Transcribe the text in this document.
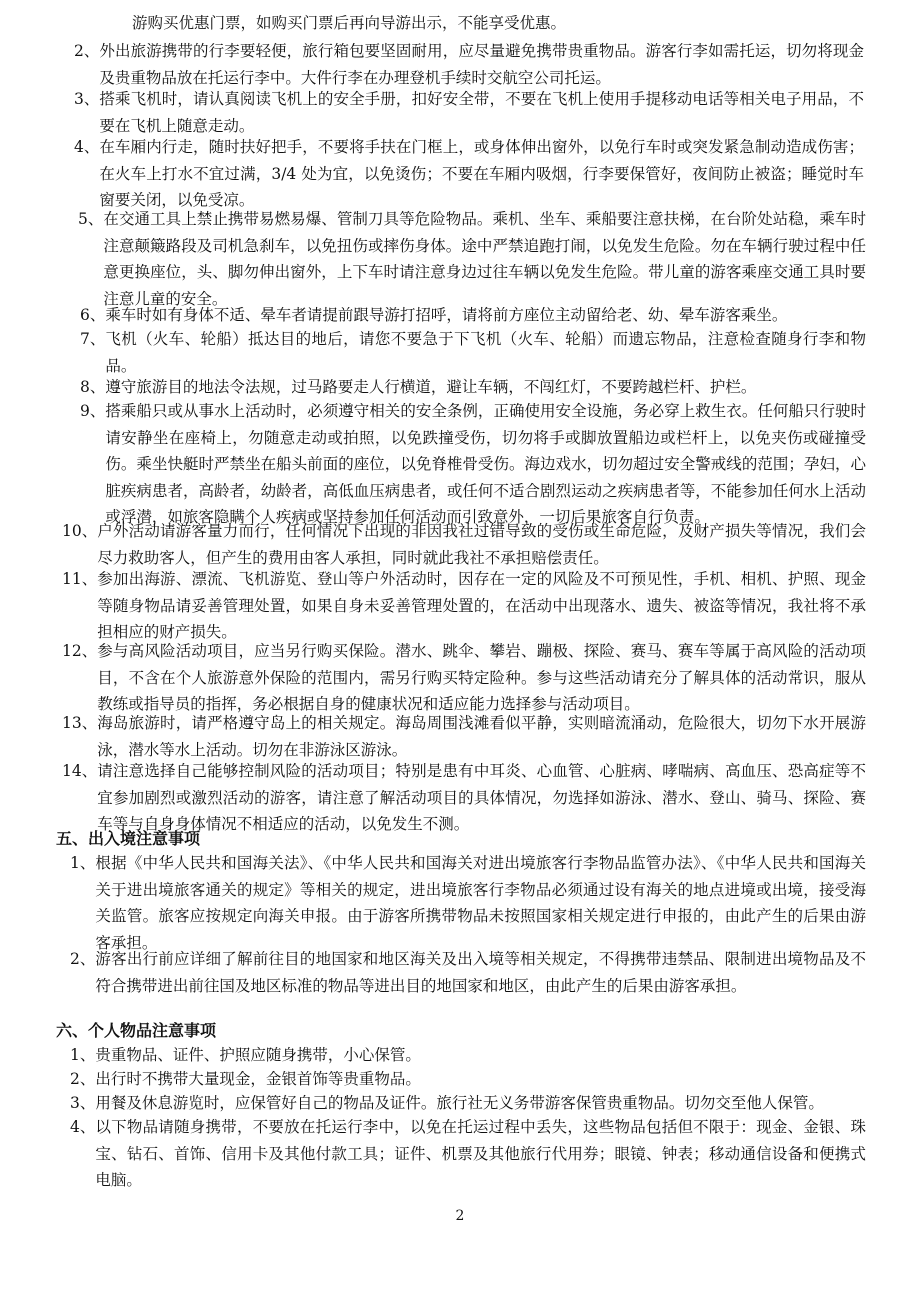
游购买优惠门票，如购买门票后再向导游出示，不能享受优惠。
2、 外出旅游携带的行李要轻便，旅行箱包要坚固耐用，应尽量避免携带贵重物品。游客行李如需托运，切勿将现金及贵重物品放在托运行李中。大件行李在办理登机手续时交航空公司托运。
3、 搭乘飞机时，请认真阅读飞机上的安全手册，扣好安全带，不要在飞机上使用手提移动电话等相关电子用品，不要在飞机上随意走动。
4、 在车厢内行走，随时扶好把手，不要将手扶在门框上，或身体伸出窗外，以免行车时或突发紧急制动造成伤害；在火车上打水不宜过满，3/4 处为宜，以免烫伤；不要在车厢内吸烟，行李要保管好，夜间防止被盗；睡觉时车窗要关闭，以免受凉。
5、 在交通工具上禁止携带易燃易爆、管制刀具等危险物品。乘机、坐车、乘船要注意扶梯，在台阶处站稳，乘车时注意颠簸路段及司机急刹车，以免扭伤或摔伤身体。途中严禁追跑打闹，以免发生危险。勿在车辆行驶过程中任意更换座位，头、脚勿伸出窗外，上下车时请注意身边过往车辆以免发生危险。带儿童的游客乘座交通工具时要注意儿童的安全。
6、 乘车时如有身体不适、晕车者请提前跟导游打招呼，请将前方座位主动留给老、幼、晕车游客乘坐。
7、 飞机（火车、轮船）抵达目的地后，请您不要急于下飞机（火车、轮船）而遗忘物品，注意检查随身行李和物品。
8、 遵守旅游目的地法令法规，过马路要走人行横道，避让车辆，不闯红灯，不要跨越栏杆、护栏。
9、 搭乘船只或从事水上活动时，必须遵守相关的安全条例，正确使用安全设施，务必穿上救生衣。任何船只行驶时请安静坐在座椅上，勿随意走动或拍照，以免跌撞受伤，切勿将手或脚放置船边或栏杆上，以免夹伤或碰撞受伤。乘坐快艇时严禁坐在船头前面的座位，以免脊椎骨受伤。海边戏水，切勿超过安全警戒线的范围；孕妇，心脏疾病患者，高龄者，幼龄者，高低血压病患者，或任何不适合剧烈运动之疾病患者等，不能参加任何水上活动或浮潜，如旅客隐瞒个人疾病或坚持参加任何活动而引致意外，一切后果旅客自行负责。
10、 户外活动请游客量力而行，任何情况下出现的非因我社过错导致的受伤或生命危险，及财产损失等情况，我们会尽力救助客人，但产生的费用由客人承担，同时就此我社不承担赔偿责任。
11、 参加出海游、漂流、飞机游览、登山等户外活动时，因存在一定的风险及不可预见性，手机、相机、护照、现金等随身物品请妥善管理处置，如果自身未妥善管理处置的，在活动中出现落水、遗失、被盗等情况，我社将不承担相应的财产损失。
12、 参与高风险活动项目，应当另行购买保险。潜水、跳伞、攀岩、蹦极、探险、赛马、赛车等属于高风险的活动项目，不含在个人旅游意外保险的范围内，需另行购买特定险种。参与这些活动请充分了解具体的活动常识，服从教练或指导员的指挥，务必根据自身的健康状况和适应能力选择参与活动项目。
13、 海岛旅游时，请严格遵守岛上的相关规定。海岛周围浅滩看似平静，实则暗流涌动，危险很大，切勿下水开展游泳，潜水等水上活动。切勿在非游泳区游泳。
14、 请注意选择自己能够控制风险的活动项目；特别是患有中耳炎、心血管、心脏病、哮喘病、高血压、恐高症等不宜参加剧烈或激烈活动的游客，请注意了解活动项目的具体情况，勿选择如游泳、潜水、登山、骑马、探险、赛车等与自身身体情况不相适应的活动，以免发生不测。
五、出入境注意事项
1、 根据《中华人民共和国海关法》、《中华人民共和国海关对进出境旅客行李物品监管办法》、《中华人民共和国海关关于进出境旅客通关的规定》等相关的规定，进出境旅客行李物品必须通过设有海关的地点进境或出境，接受海关监管。旅客应按规定向海关申报。由于游客所携带物品未按照国家相关规定进行申报的，由此产生的后果由游客承担。
2、 游客出行前应详细了解前往目的地国家和地区海关及出入境等相关规定，不得携带违禁品、限制进出境物品及不符合携带进出前往国及地区标准的物品等进出目的地国家和地区，由此产生的后果由游客承担。
六、个人物品注意事项
1、 贵重物品、证件、护照应随身携带，小心保管。
2、 出行时不携带大量现金，金银首饰等贵重物品。
3、 用餐及休息游览时，应保管好自己的物品及证件。旅行社无义务带游客保管贵重物品。切勿交至他人保管。
4、 以下物品请随身携带，不要放在托运行李中，以免在托运过程中丢失，这些物品包括但不限于：现金、金银、珠宝、钻石、首饰、信用卡及其他付款工具；证件、机票及其他旅行代用券；眼镜、钟表；移动通信设备和便携式电脑。
2
